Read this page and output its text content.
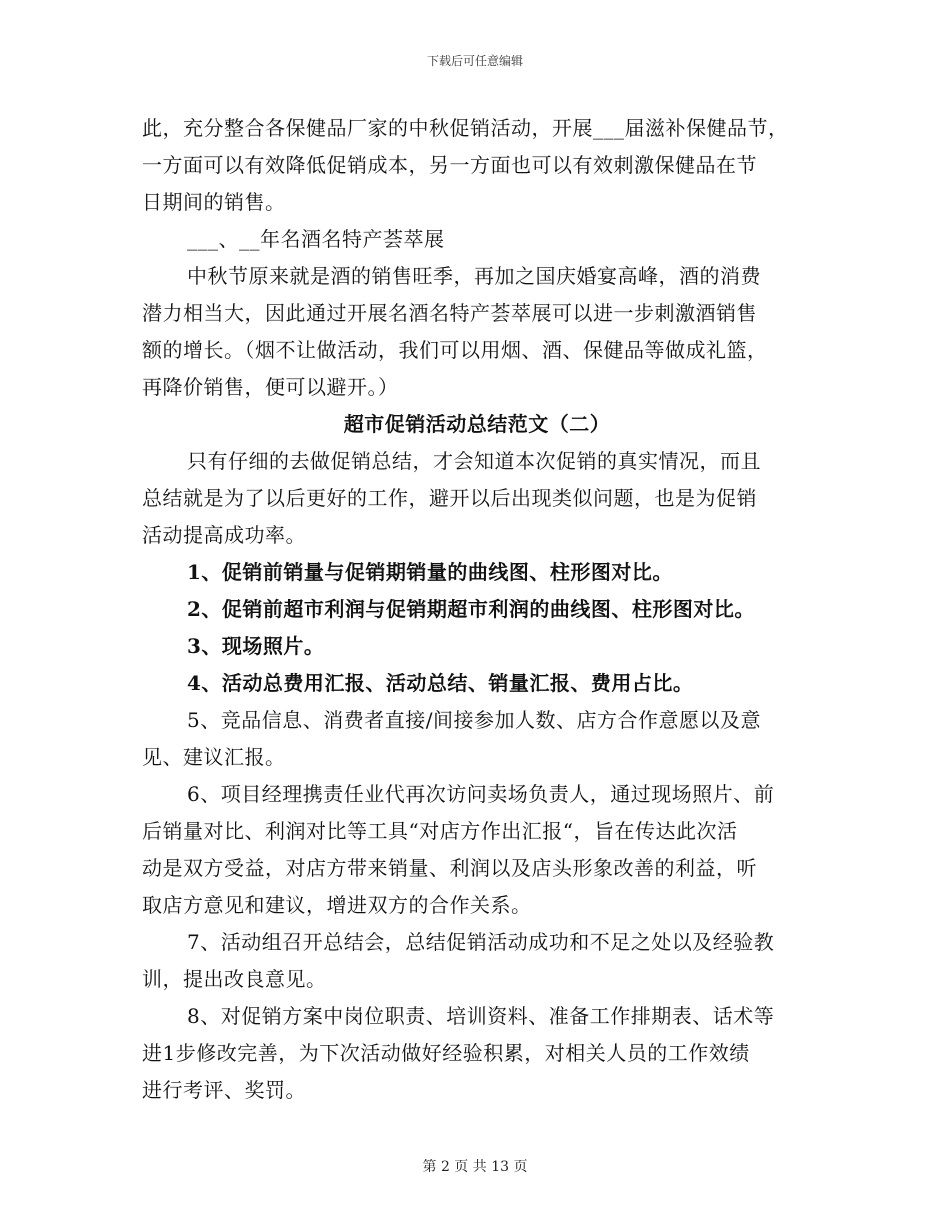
下载后可任意编辑
此，充分整合各保健品厂家的中秋促销活动，开展___届滋补保健品节，
一方面可以有效降低促销成本，另一方面也可以有效刺激保健品在节
日期间的销售。
___、__年名酒名特产荟萃展
中秋节原来就是酒的销售旺季，再加之国庆婚宴高峰，酒的消费
潜力相当大，因此通过开展名酒名特产荟萃展可以进一步刺激酒销售
额的增长。（烟不让做活动，我们可以用烟、酒、保健品等做成礼篮，
再降价销售，便可以避开。）
超市促销活动总结范文（二）
只有仔细的去做促销总结，才会知道本次促销的真实情况，而且
总结就是为了以后更好的工作，避开以后出现类似问题，也是为促销
活动提高成功率。
1、促销前销量与促销期销量的曲线图、柱形图对比。
2、促销前超市利润与促销期超市利润的曲线图、柱形图对比。
3、现场照片。
4、活动总费用汇报、活动总结、销量汇报、费用占比。
5、竞品信息、消费者直接/间接参加人数、店方合作意愿以及意
见、建议汇报。
6、项目经理携责任业代再次访问卖场负责人，通过现场照片、前
后销量对比、利润对比等工具“对店方作出汇报“，旨在传达此次活
动是双方受益，对店方带来销量、利润以及店头形象改善的利益，听
取店方意见和建议，增进双方的合作关系。
7、活动组召开总结会，总结促销活动成功和不足之处以及经验教
训，提出改良意见。
8、对促销方案中岗位职责、培训资料、准备工作排期表、话术等
进1步修改完善，为下次活动做好经验积累，对相关人员的工作效绩
进行考评、奖罚。
第 2 页 共 13 页
